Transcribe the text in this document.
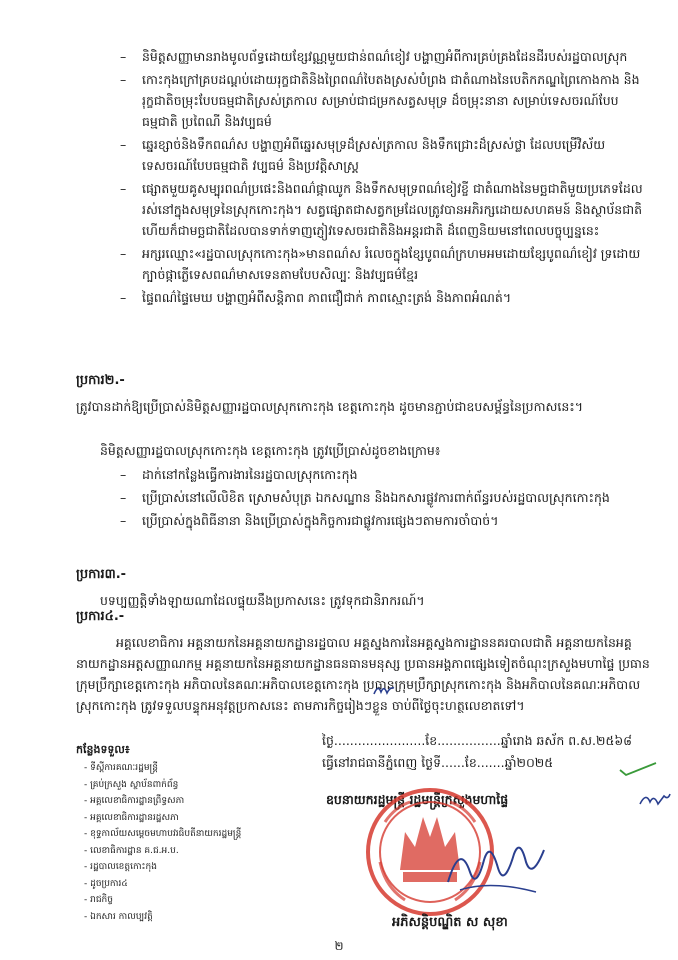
– និមិត្តសញ្ញាមានរាងមូលព័ទ្ធដោយខ្សែវណ្ណមួយជាន់ពណ៌ខៀវ បង្ហាញអំពីការគ្រប់គ្រងដែនដីរបស់រដ្ឋបាលស្រុក
– កោះកុងក្រៅគ្របដណ្តប់ដោយរុក្ខជាតិនិងព្រៃពណ៌បៃតងស្រស់បំព្រង ជាតំណាងនៃបេតិកភណ្ឌព្រៃកោងកាង និងរុក្ខជាតិចម្រុះបែបធម្មជាតិស្រស់ត្រកាល សម្រាប់ជាជម្រកសត្វសមុទ្រ ដ៏ចម្រុះនានា សម្រាប់ទេសចរណ៍បែបធម្មជាតិ ប្រពៃណី និងវប្បធម៌
– ឆ្នេរខ្សាច់និងទឹកពណ៌ស បង្ហាញអំពីឆ្នេរសមុទ្រដ៏ស្រស់ត្រកាល និងទឹកជ្រោះដ៏ស្រស់ថ្លា ដែលបម្រើវិស័យទេសចរណ៍បែបធម្មជាតិ វប្បធម៌ និងប្រវត្តិសាស្ត្រ
– ផ្សោតមួយគូសម្បុរពណ៌ប្រផេះនិងពណ៌ផ្កាឈូក និងទឹកសមុទ្រពណ៌ខៀវខ្ចី ជាតំណាងនៃមច្ឆជាតិមួយប្រភេទដែលរស់នៅក្នុងសមុទ្រនៃស្រុកកោះកុង។ សត្វផ្សោតជាសត្វកម្រដែលត្រូវបានអភិរក្សដោយសហគមន៍ និងស្ថាប័នជាតិ ហើយក៏ជាមច្ឆជាតិដែលបានទាក់ទាញភ្ញៀវទេសចរជាតិនិងអន្តរជាតិ ដ៏ពេញនិយមនៅពេលបច្ចុប្បន្ននេះ
– អក្សរឈ្មោះ«រដ្ឋបាលស្រុកកោះកុង»មានពណ៌ស រំលេចក្នុងខ្សែបូពណ៌ក្រហមអមដោយខ្សែបូពណ៌ខៀវ ទ្រដោយក្បាច់ផ្កាភ្លើទេសពណ៌មាសទេនតាមបែបសិល្បៈ និងវប្បធម៌ខ្មែរ
– ផ្ទៃពណ៌ផ្ទៃមេឃ បង្ហាញអំពីសន្តិភាព ភាពជឿជាក់ ភាពស្មោះត្រង់ និងភាពអំណត់។
ប្រការ២.-
ត្រូវបានដាក់ឱ្យប្រើប្រាស់និមិត្តសញ្ញារដ្ឋបាលស្រុកកោះកុង ខេត្តកោះកុង ដូចមានភ្ជាប់ជាឧបសម្ព័ន្ធនៃប្រកាសនេះ។
និមិត្តសញ្ញារដ្ឋបាលស្រុកកោះកុង ខេត្តកោះកុង ត្រូវប្រើប្រាស់ដូចខាងក្រោម៖
– ដាក់នៅកន្លែងធ្វើការងារនៃរដ្ឋបាលស្រុកកោះកុង
– ប្រើប្រាស់នៅលើលិខិត ស្រោមសំបុត្រ ឯកសណ្ឋាន និងឯកសារផ្លូវការពាក់ព័ន្ធរបស់រដ្ឋបាលស្រុកកោះកុង
– ប្រើប្រាស់ក្នុងពិធីនានា និងប្រើប្រាស់ក្នុងកិច្ចការជាផ្លូវការផ្សេងៗតាមការចាំបាច់។
ប្រការ៣.-
បទប្បញ្ញត្តិទាំងឡាយណាដែលផ្ទុយនឹងប្រកាសនេះ ត្រូវទុកជានិរាករណ៍។
ប្រការ៤.-
អគ្គលេខាធិការ អគ្គនាយកនៃអគ្គនាយកដ្ឋានរដ្ឋបាល អគ្គស្នងការនៃអគ្គស្នងការដ្ឋាននគរបាលជាតិ អគ្គនាយកនៃអគ្គនាយកដ្ឋានអត្តសញ្ញាណកម្ម អគ្គនាយកនៃអគ្គនាយកដ្ឋានធនធានមនុស្ស ប្រធានអង្គភាពផ្សេងទៀតចំណុះក្រសួងមហាផ្ទៃ ប្រធានក្រុមប្រឹក្សាខេត្តកោះកុង អភិបាលនៃគណៈអភិបាលខេត្តកោះកុង ប្រធានក្រុមប្រឹក្សាស្រុកកោះកុង និងអភិបាលនៃគណៈអភិបាលស្រុកកោះកុង ត្រូវទទួលបន្ទុកអនុវត្តប្រកាសនេះ តាមភារកិច្ចរៀងៗខ្លួន ចាប់ពីថ្ងៃចុះហត្ថលេខាតទៅ។
កន្លែងទទួល៖
- ទីស្តីការគណៈរដ្ឋមន្ត្រី
- គ្រប់ក្រសួង ស្ថាប័នពាក់ព័ន្ធ
- អគ្គលេខាធិការដ្ឋានព្រឹទ្ធសភា
- អគ្គលេខាធិការដ្ឋានរដ្ឋសភា
- ខុទ្ទកាល័យសម្តេចមហាបវរធិបតីនាយករដ្ឋមន្ត្រី
- លេខាធិការដ្ឋាន គ.ជ.អ.ប.
- រដ្ឋបាលខេត្តកោះកុង
- ដូចប្រការ៤
- រាជកិច្ច
- ឯកសារ កាលប្បវត្តិ
ថ្ងៃ.......................ខែ................ឆ្នាំរោង ឆស័ក ព.ស.២៥៦៨
ធ្វើនៅរាជធានីភ្នំពេញ ថ្ងៃទី......ខែ.......ឆ្នាំ២០២៥
ឧបនាយករដ្ឋមន្ត្រី រដ្ឋមន្ត្រីក្រសួងមហាផ្ទៃ
អភិសន្តិបណ្ឌិត ស សុខា
២
